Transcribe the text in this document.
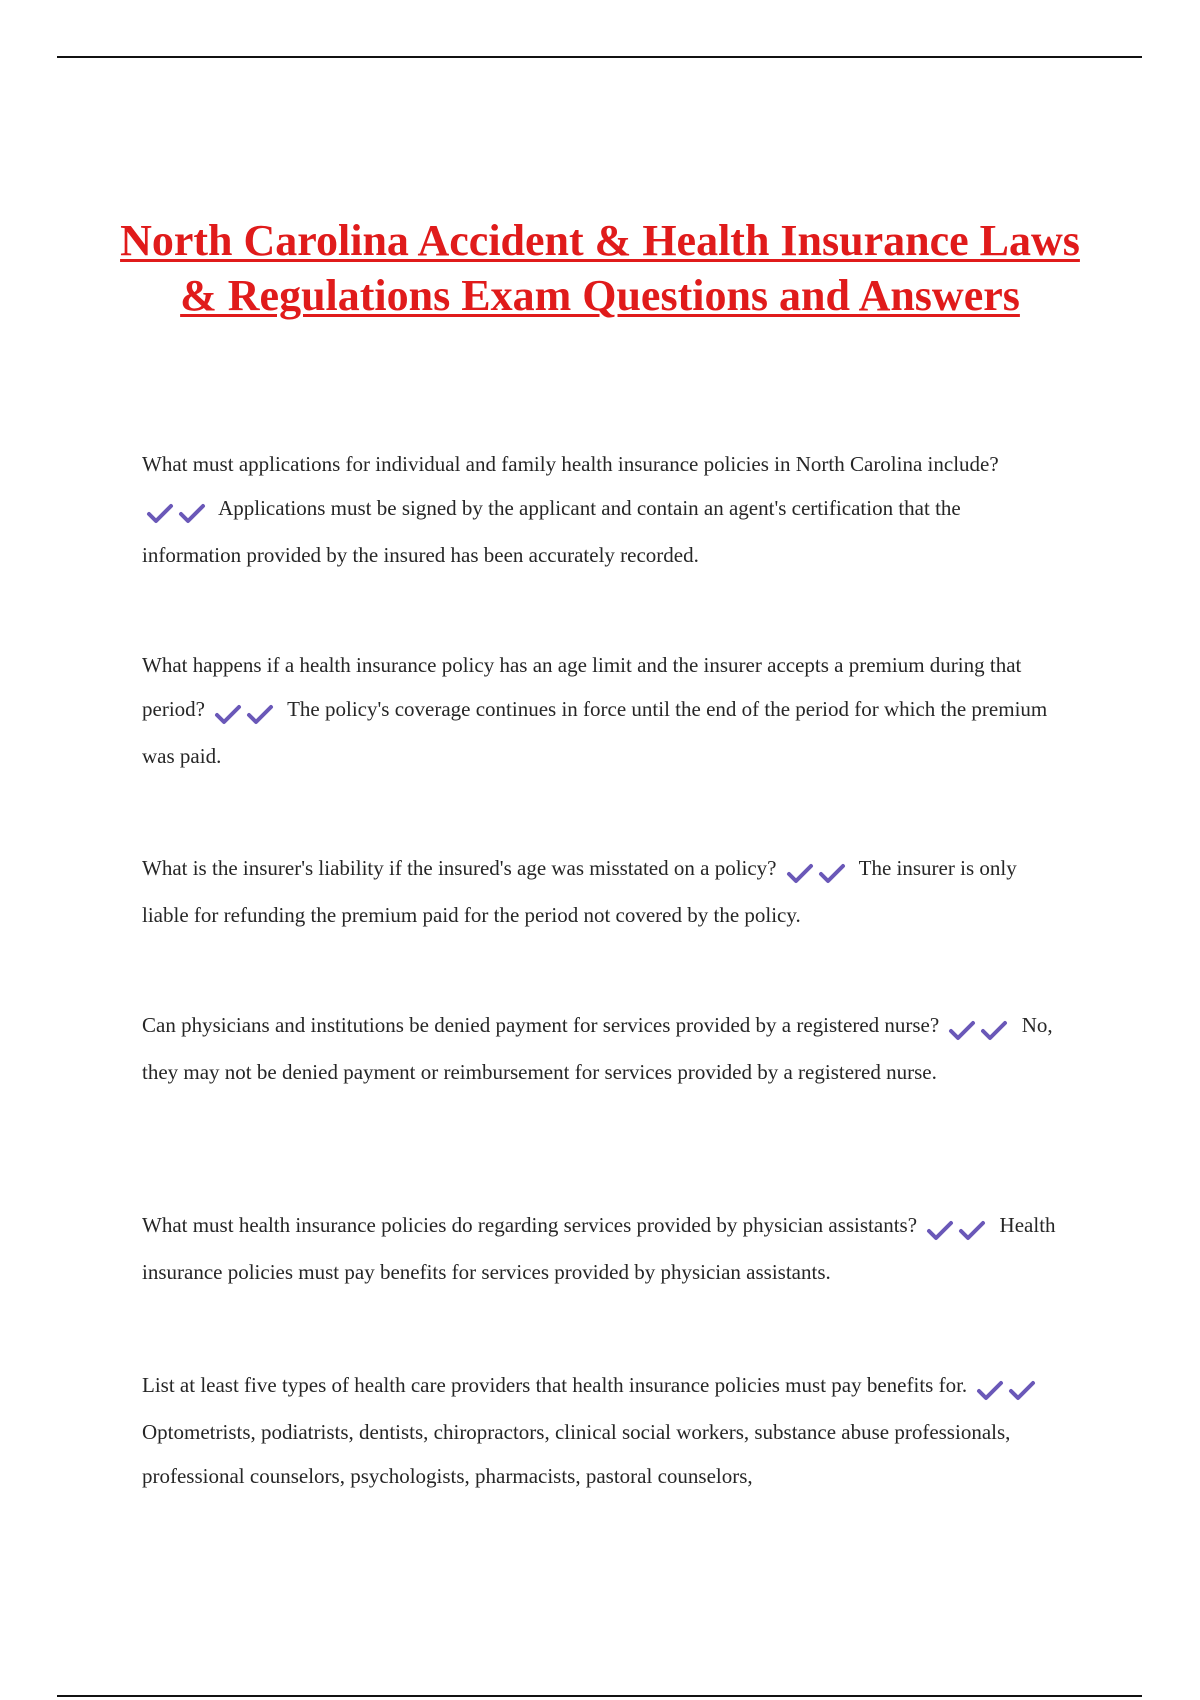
North Carolina Accident & Health Insurance Laws & Regulations Exam Questions and Answers

What must applications for individual and family health insurance policies in North Carolina include?  Applications must be signed by the applicant and contain an agent's certification that the information provided by the insured has been accurately recorded.

What happens if a health insurance policy has an age limit and the insurer accepts a premium during that period?	The policy's coverage continues in force until the end of the period for which the premium was paid.

What is the insurer's liability if the insured's age was misstated on a policy?	The insurer is only liable for refunding the premium paid for the period not covered by the policy.

Can physicians and institutions be denied payment for services provided by a registered nurse?	No, they may not be denied payment or reimbursement for services provided by a registered nurse.

What must health insurance policies do regarding services provided by physician assistants?	Health insurance policies must pay benefits for services provided by physician assistants.

List at least five types of health care providers that health insurance policies must pay benefits for.  Optometrists, podiatrists, dentists, chiropractors, clinical social workers, substance abuse professionals, professional counselors, psychologists, pharmacists, pastoral counselors,
